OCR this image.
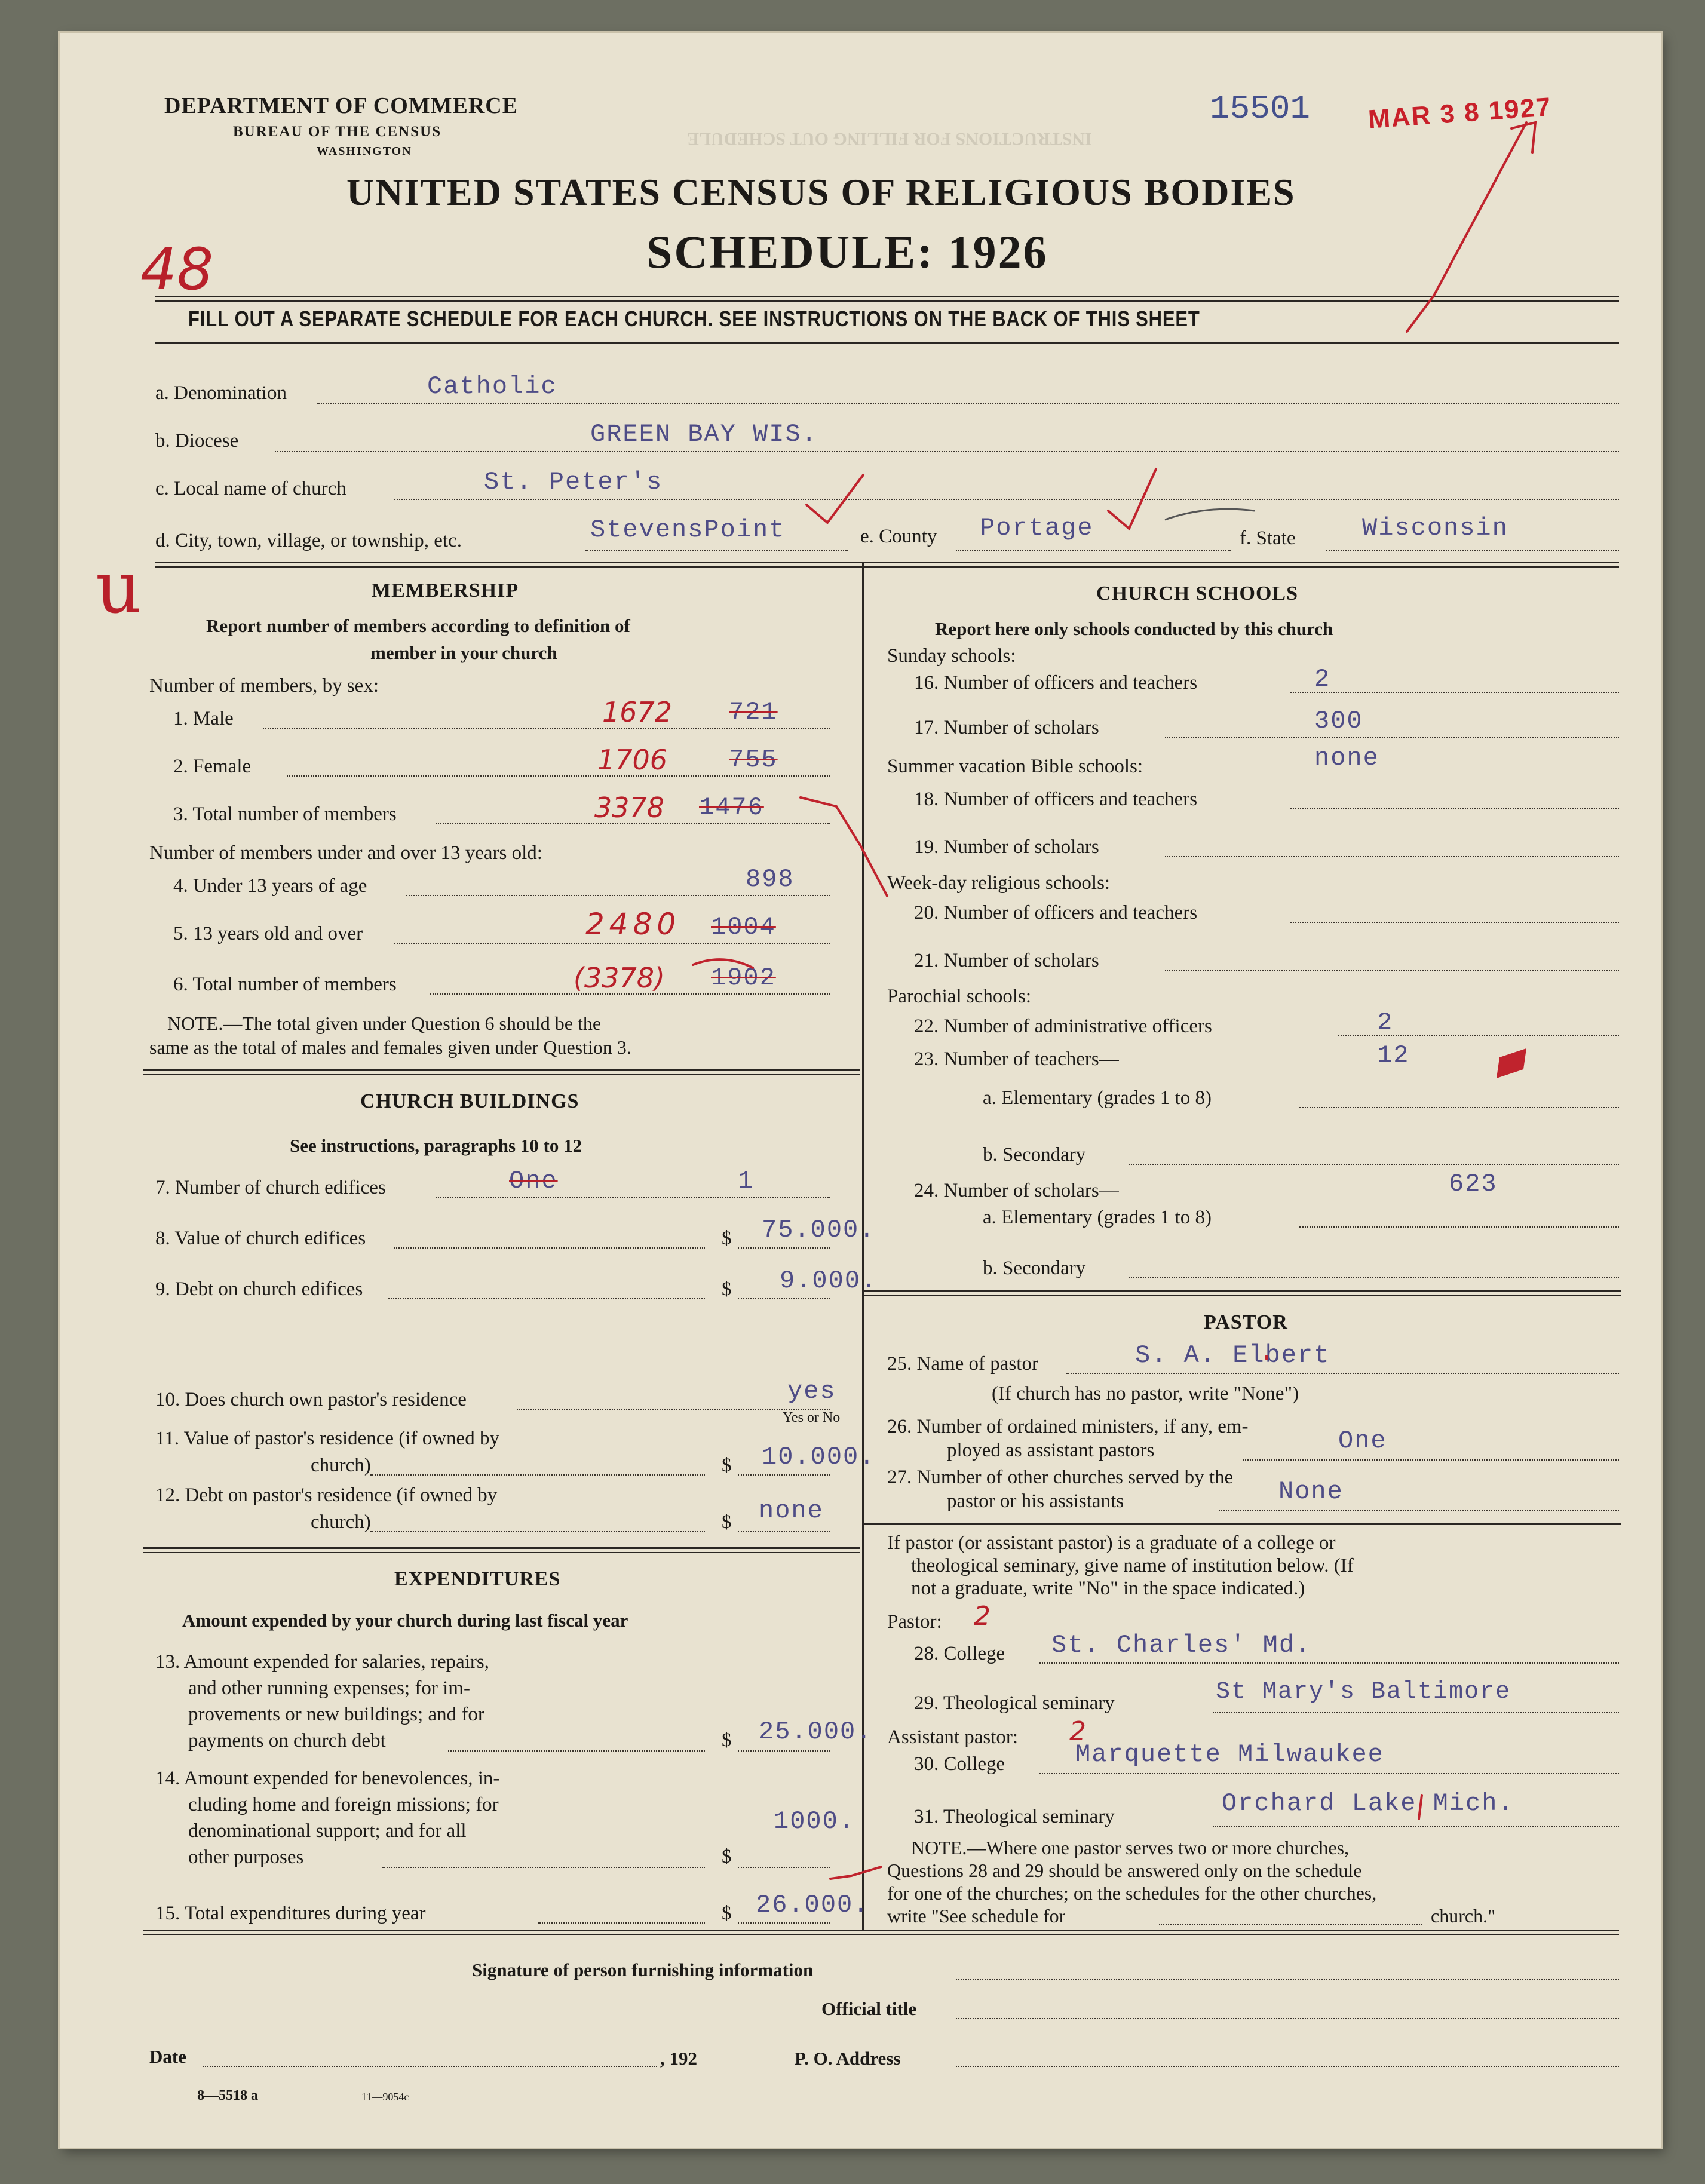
INSTRUCTIONS FOR FILLING OUT SCHEDULE
DEPARTMENT OF COMMERCE
BUREAU OF THE CENSUS
WASHINGTON
15501 MAR 3 8 1927
UNITED STATES CENSUS OF RELIGIOUS BODIES
SCHEDULE: 1926
48
u
FILL OUT A SEPARATE SCHEDULE FOR EACH CHURCH. SEE INSTRUCTIONS ON THE BACK OF THIS SHEET
a. Denomination	Catholic
b. Diocese	GREEN BAY WIS.
c. Local name of church	St. Peter's
d. City, town, village, or township, etc.	StevensPoint	e. County Portage	f. State	Wisconsin
MEMBERSHIP
Report number of members according to definition of
member in your church
Number of members, by sex:
1. Male	1672 721
2. Female	1706 755
3. Total number of members	3378 1476
Number of members under and over 13 years old:
4. Under 13 years of age	898
5. 13 years old and over	2480 1004
6. Total number of members	(3378) 1902
NOTE.—The total given under Question 6 should be the
same as the total of males and females given under Question 3.
CHURCH BUILDINGS
See instructions, paragraphs 10 to 12
7. Number of church edifices	One	1
8. Value of church edifices	$ 75.000.
9. Debt on church edifices	$ 9.000.
10. Does church own pastor's residence	yes
Yes or No
11. Value of pastor's residence (if owned by
church)	$ 10.000.
12. Debt on pastor's residence (if owned by
church)	$ none
EXPENDITURES
Amount expended by your church during last fiscal year
13. Amount expended for salaries, repairs,
and other running expenses; for im-
provements or new buildings; and for
payments on church debt	$ 25.000.
14. Amount expended for benevolences, in-
cluding home and foreign missions; for
denominational support; and for all
other purposes	$
1000.
15. Total expenditures during year	$ 26.000.
CHURCH SCHOOLS
Report here only schools conducted by this church
Sunday schools:
16. Number of officers and teachers	2
17. Number of scholars	300
Summer vacation Bible schools:	none
18. Number of officers and teachers
19. Number of scholars
Week-day religious schools:
20. Number of officers and teachers
21. Number of scholars
Parochial schools:
22. Number of administrative officers	2
23. Number of teachers—	12
a. Elementary (grades 1 to 8)
b. Secondary
24. Number of scholars—	623
a. Elementary (grades 1 to 8)
b. Secondary
PASTOR
25. Name of pastor	S. A. Elbert
(If church has no pastor, write "None")
26. Number of ordained ministers, if any, em-
ployed as assistant pastors	One
27. Number of other churches served by the
pastor or his assistants	None
If pastor (or assistant pastor) is a graduate of a college or
theological seminary, give name of institution below. (If
not a graduate, write "No" in the space indicated.)
Pastor: 2
28. College St. Charles' Md.
29. Theological seminary	St Mary's Baltimore
Assistant pastor: 2
30. College	Marquette Milwaukee
31. Theological seminary	Orchard Lake Mich.
NOTE.—Where one pastor serves two or more churches,
Questions 28 and 29 should be answered only on the schedule
for one of the churches; on the schedules for the other churches,
write "See schedule for	church."
Signature of person furnishing information
Official title
Date	, 192	P. O. Address
8—5518 a	11—9054c
